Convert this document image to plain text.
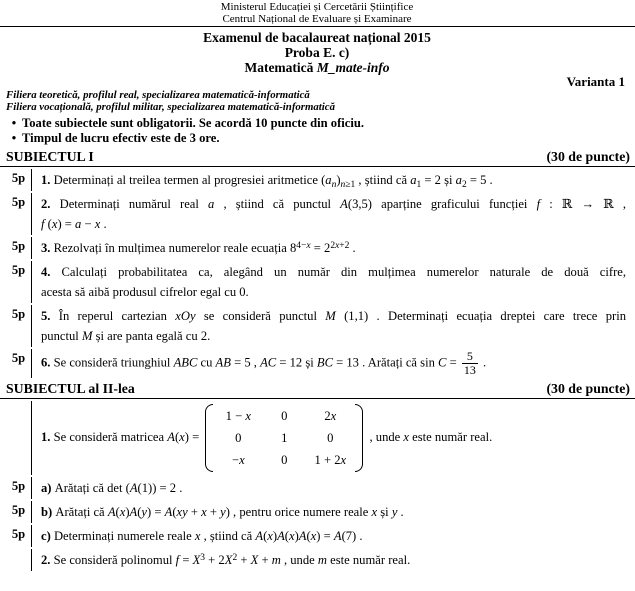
Ministerul Educației și Cercetării Științifice
Centrul Național de Evaluare și Examinare
Examenul de bacalaureat național 2015
Proba E. c)
Matematică M_mate-info
Varianta 1
Filiera teoretică, profilul real, specializarea matematică-informatică
Filiera vocațională, profilul militar, specializarea matematică-informatică
• Toate subiectele sunt obligatorii. Se acordă 10 puncte din oficiu.
• Timpul de lucru efectiv este de 3 ore.
SUBIECTUL I	(30 de puncte)
5p	1. Determinați al treilea termen al progresiei aritmetice $(a_n)_{n\ge 1}$ , știind că $a_1 = 2$ și $a_2 = 5$ .
5p	2. Determinați numărul real a , știind că punctul A(3,5) aparține graficului funcției f : ℝ → ℝ ,
f (x) = a − x .
5p	3. Rezolvați în mulțimea numerelor reale ecuația $8^{4-x} = 2^{2x+2}$ .
5p	4. Calculați probabilitatea ca, alegând un număr din mulțimea numerelor naturale de două cifre,
acesta să aibă produsul cifrelor egal cu 0.
5p	5. În reperul cartezian xOy se consideră punctul M (1,1) . Determinați ecuația dreptei care trece prin
punctul M și are panta egală cu 2.
5p	6. Se consideră triunghiul ABC cu AB = 5 , AC = 12 și BC = 13 . Arătați că $\sin C = \frac{5}{13}$ .
SUBIECTUL al II-lea	(30 de puncte)
1. Se consideră matricea A(x) =
1 − x	0	2x
0	1	0
−x	0	1 + 2x
, unde x este număr real.
5p	a) Arătați că det (A(1)) = 2 .
5p	b) Arătați că A(x)A(y) = A(xy + x + y) , pentru orice numere reale x și y .
5p	c) Determinați numerele reale x , știind că A(x)A(x)A(x) = A(7) .
2. Se consideră polinomul $f = X^3 + 2X^2 + X + m$ , unde m este număr real.
